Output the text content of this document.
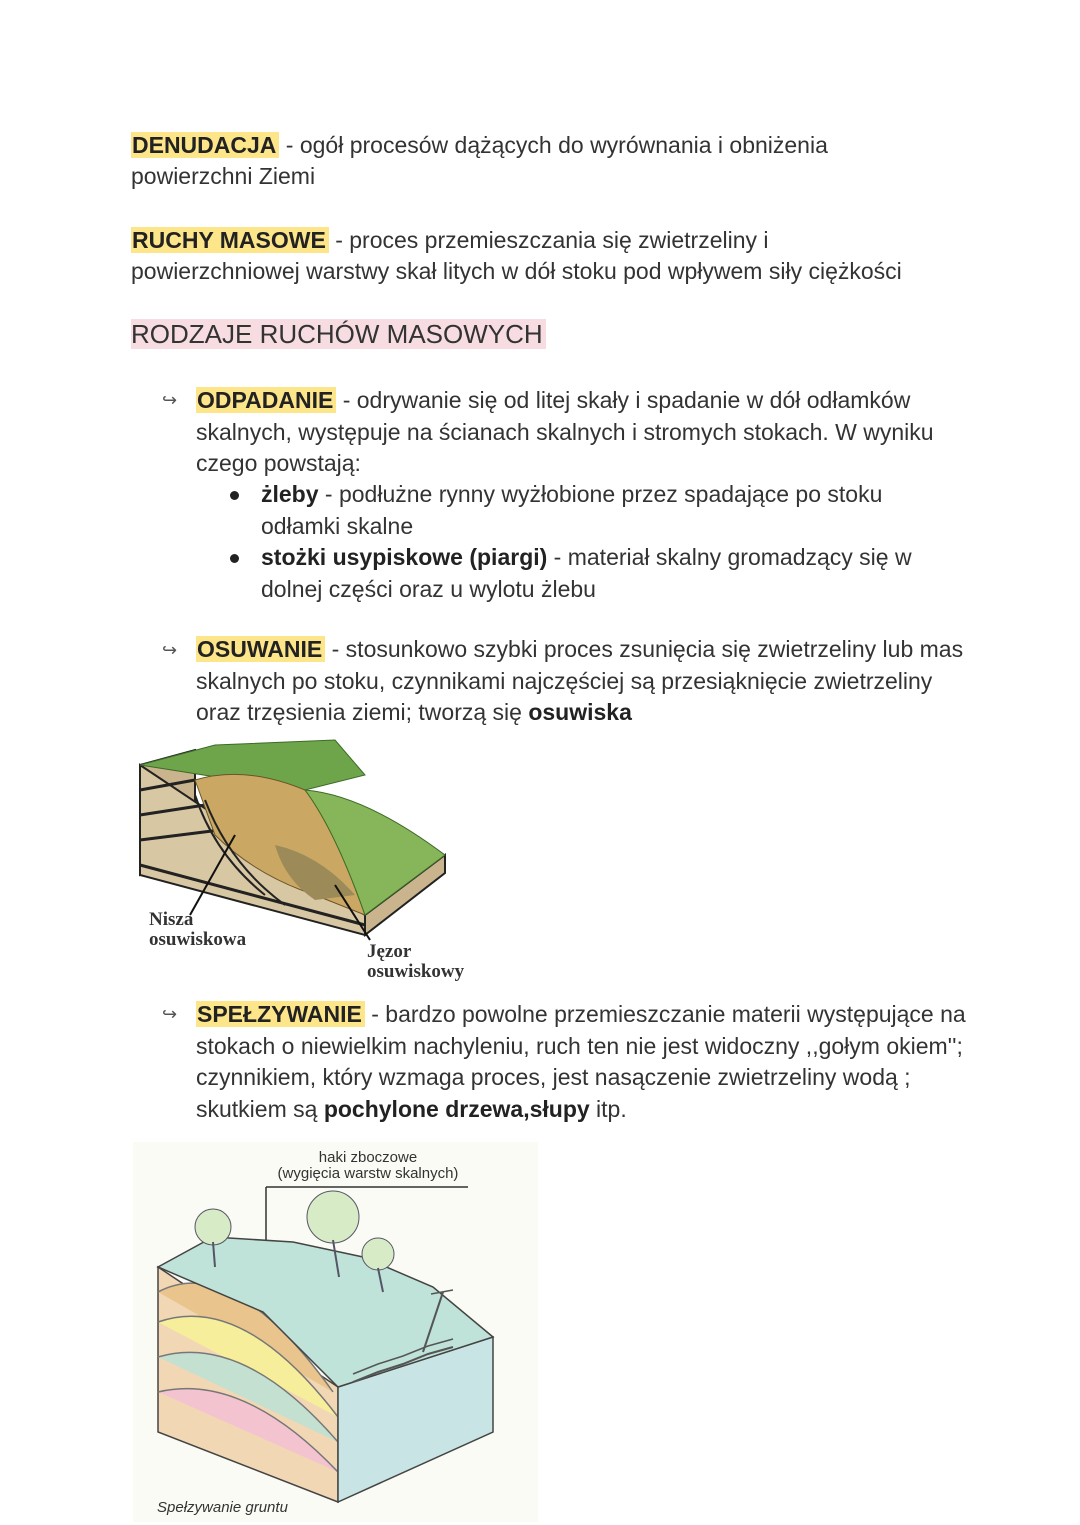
DENUDACJA - ogół procesów dążących do wyrównania i obniżenia
powierzchni Ziemi

RUCHY MASOWE - proces przemieszczania się zwietrzeliny i
powierzchniowej warstwy skał litych w dół stoku pod wpływem siły ciężkości

RODZAJE RUCHÓW MASOWYCH
↪ ODPADANIE - odrywanie się od litej skały i spadanie w dół odłamków skalnych, występuje na ścianach skalnych i stromych stokach. W wyniku czego powstają:

żleby - podłużne rynny wyżłobione przez spadające po stoku odłamki skalne
stożki usypiskowe (piargi) - materiał skalny gromadzący się w dolnej części oraz u wylotu żlebu
↪ OSUWANIE - stosunkowo szybki proces zsunięcia się zwietrzeliny lub mas skalnych po stoku, czynnikami najczęściej są przesiąknięcie zwietrzeliny oraz trzęsienia ziemi; tworzą się osuwiska

Nisza
osuwiskowa
Jęzor
osuwiskowy
↪ SPEŁZYWANIE - bardzo powolne przemieszczanie materii występujące na stokach o niewielkim nachyleniu, ruch ten nie jest widoczny ,,gołym okiem''; czynnikiem, który wzmaga proces, jest nasączenie zwietrzeliny wodą ; skutkiem są pochylone drzewa,słupy itp.

haki zboczowe
(wygięcia warstw skalnych)
Spełzywanie gruntu
